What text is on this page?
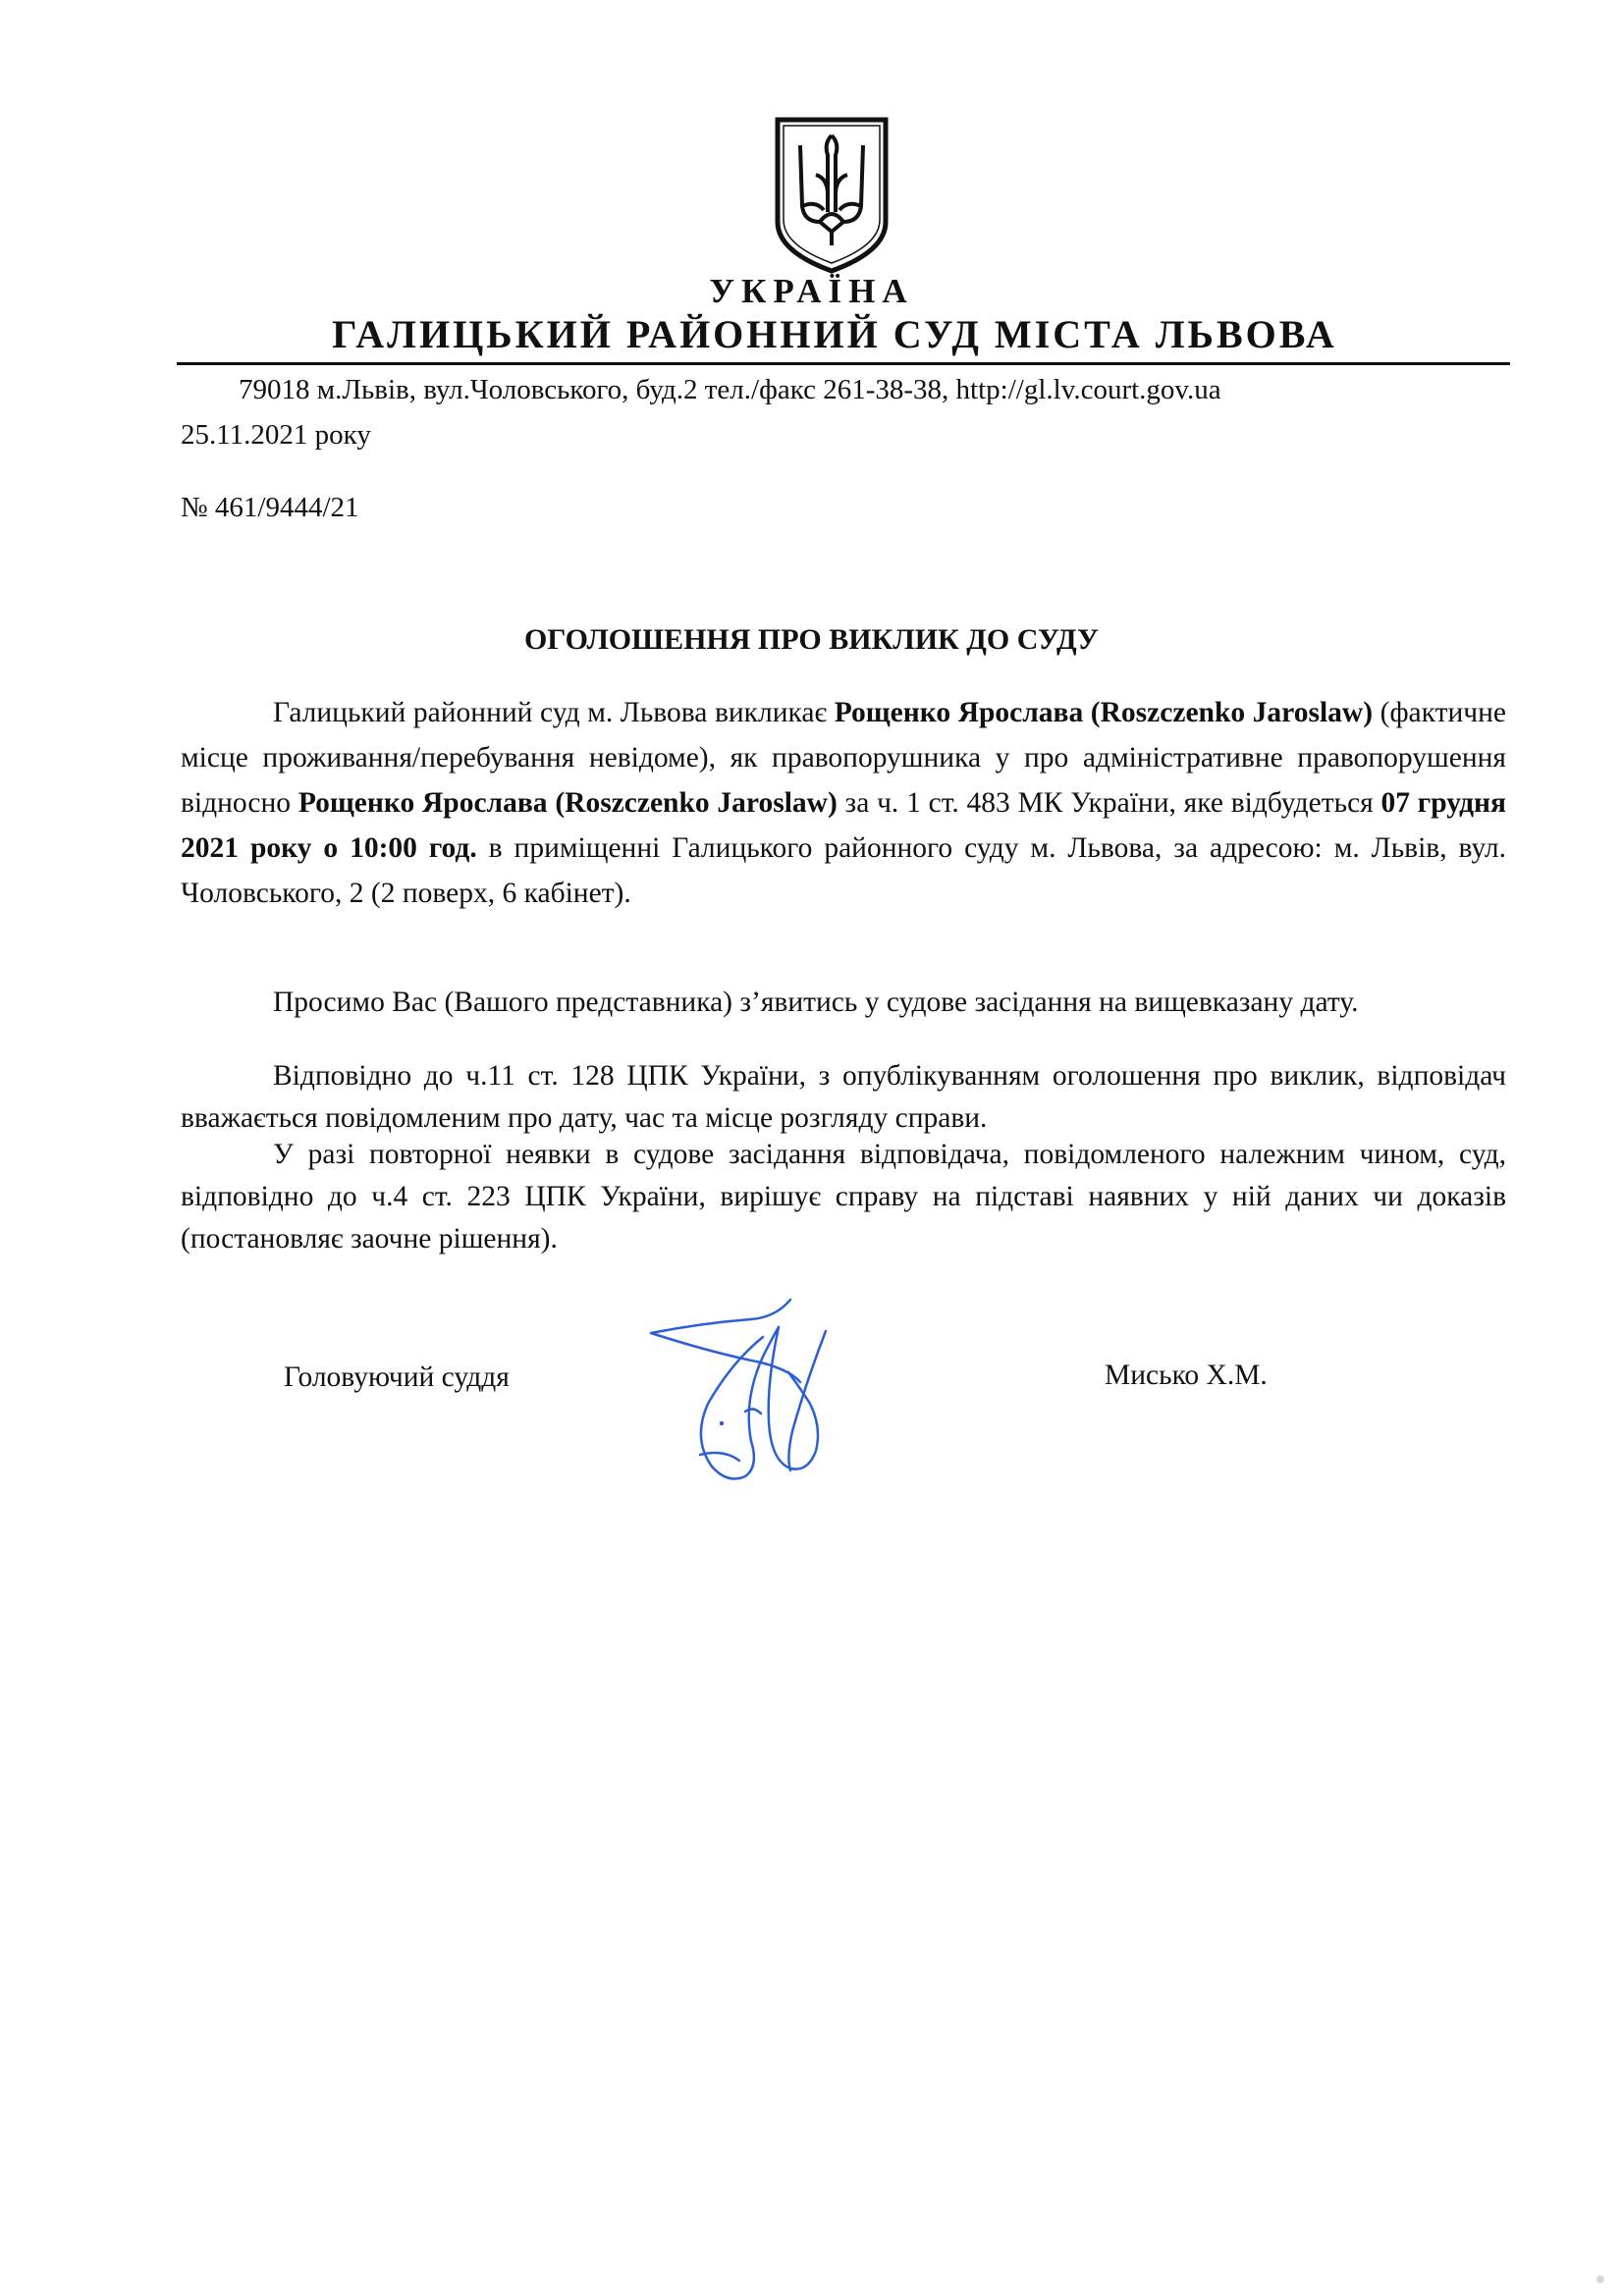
УКРАЇНА
ГАЛИЦЬКИЙ РАЙОННИЙ СУД МІСТА ЛЬВОВА
79018 м.Львів, вул.Чоловського, буд.2 тел./факс 261-38-38, http://gl.lv.court.gov.ua
25.11.2021 року
№ 461/9444/21
ОГОЛОШЕННЯ ПРО ВИКЛИК ДО СУДУ
Галицький районний суд м. Львова викликає Рощенко Ярослава (Roszczenko Jaroslaw) (фактичне місце проживання/перебування невідоме), як правопорушника у про адміністративне правопорушення відносно Рощенко Ярослава (Roszczenko Jaroslaw) за ч. 1 ст. 483 МК України, яке відбудеться 07 грудня 2021 року о 10:00 год. в приміщенні Галицького районного суду м. Львова, за адресою: м. Львів, вул. Чоловського, 2 (2 поверх, 6 кабінет).
Просимо Вас (Вашого представника) з’явитись у судове засідання на вищевказану дату.
Відповідно до ч.11 ст. 128 ЦПК України, з опублікуванням оголошення про виклик, відповідач вважається повідомленим про дату, час та місце розгляду справи.
У разі повторної неявки в судове засідання відповідача, повідомленого належним чином, суд, відповідно до ч.4 ст. 223 ЦПК України, вирішує справу на підставі наявних у ній даних чи доказів (постановляє заочне рішення).
Головуючий суддя	Мисько Х.М.
